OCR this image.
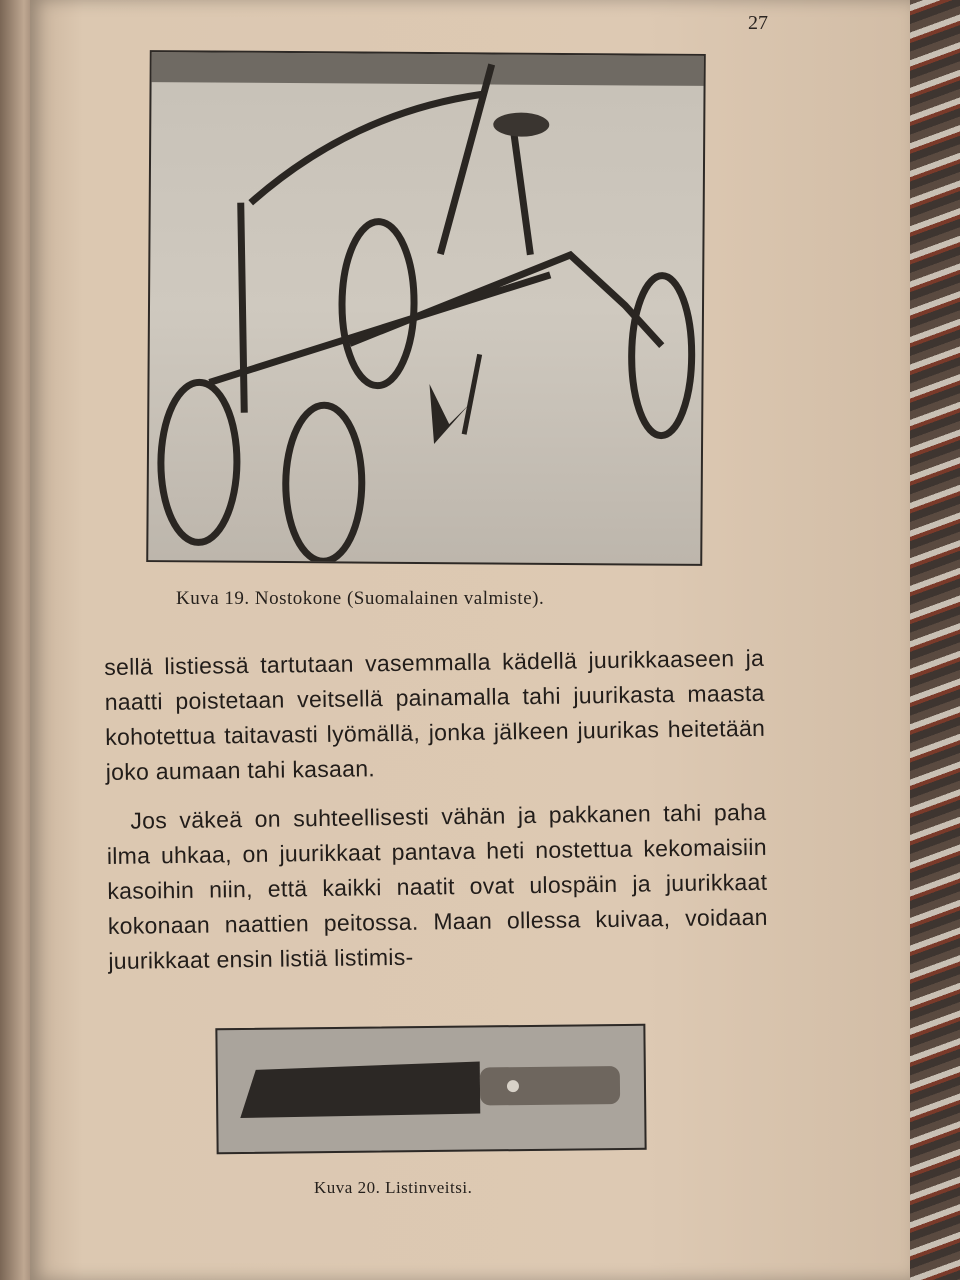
27
Kuva 19. Nostokone (Suomalainen valmiste).

sellä listiessä tartutaan vasemmalla kädellä juurikkaaseen ja naatti poistetaan veitsellä painamalla tahi juurikasta maasta kohotettua taitavasti lyömällä, jonka jälkeen juurikas heitetään joko aumaan tahi kasaan.

Jos väkeä on suhteellisesti vähän ja pakkanen tahi paha ilma uhkaa, on juurikkaat pantava heti nostettua kekomaisiin kasoihin niin, että kaikki naatit ovat ulospäin ja juurikkaat kokonaan naattien peitossa. Maan ollessa kuivaa, voidaan juurikkaat ensin listiä listimis-

Kuva 20. Listinveitsi.
